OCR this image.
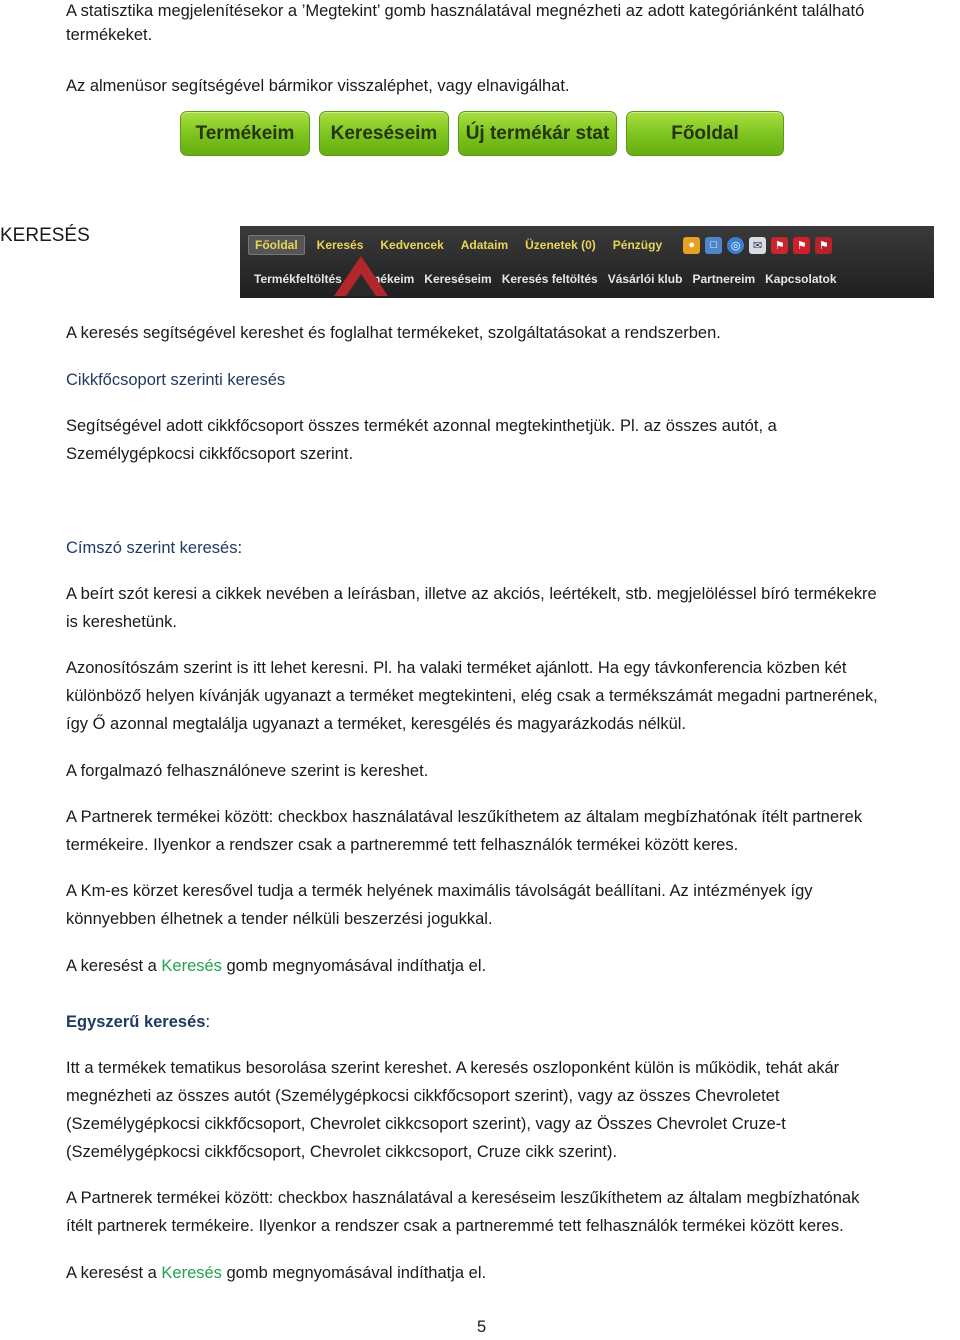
A statisztika megjelenítésekor a ’Megtekint’ gomb használatával megnézheti az adott kategóriánként található
termékeket.
Az almenüsor segítségével bármikor visszaléphet, vagy elnavigálhat.
Termékeim	Kereséseim	Új termékár stat	Főoldal
KERESÉS	Főoldal	Keresés Kedvencek Adataim Üzenetek (0) Pénzügy	●	□	◎	✉	⚑	⚑	⚑
Termékfeltöltés Termékeim Kereséseim Keresés feltöltés Vásárlói klub Partnereim Kapcsolatok
A keresés segítségével kereshet és foglalhat termékeket, szolgáltatásokat a rendszerben.
Cikkfőcsoport szerinti keresés
Segítségével adott cikkfőcsoport összes termékét azonnal megtekinthetjük. Pl. az összes autót, a
Személygépkocsi cikkfőcsoport szerint.
Címszó szerint keresés:
A beírt szót keresi a cikkek nevében a leírásban, illetve az akciós, leértékelt, stb. megjelöléssel bíró termékekre
is kereshetünk.
Azonosítószám szerint is itt lehet keresni. Pl. ha valaki terméket ajánlott. Ha egy távkonferencia közben két
különböző helyen kívánják ugyanazt a terméket megtekinteni, elég csak a termékszámát megadni partnerének,
így Ő azonnal megtalálja ugyanazt a terméket, keresgélés és magyarázkodás nélkül.
A forgalmazó felhasználóneve szerint is kereshet.
A Partnerek termékei között: checkbox használatával leszűkíthetem az általam megbízhatónak ítélt partnerek
termékeire. Ilyenkor a rendszer csak a partneremmé tett felhasználók termékei között keres.
A Km-es körzet keresővel tudja a termék helyének maximális távolságát beállítani. Az intézmények így
könnyebben élhetnek a tender nélküli beszerzési jogukkal.
A keresést a Keresés gomb megnyomásával indíthatja el.
Egyszerű keresés:
Itt a termékek tematikus besorolása szerint kereshet. A keresés oszloponként külön is működik, tehát akár
megnézheti az összes autót (Személygépkocsi cikkfőcsoport szerint), vagy az összes Chevroletet
(Személygépkocsi cikkfőcsoport, Chevrolet cikkcsoport szerint), vagy az Összes Chevrolet Cruze-t
(Személygépkocsi cikkfőcsoport, Chevrolet cikkcsoport, Cruze cikk szerint).
A Partnerek termékei között: checkbox használatával a kereséseim leszűkíthetem az általam megbízhatónak
ítélt partnerek termékeire. Ilyenkor a rendszer csak a partneremmé tett felhasználók termékei között keres.
A keresést a Keresés gomb megnyomásával indíthatja el.
5
